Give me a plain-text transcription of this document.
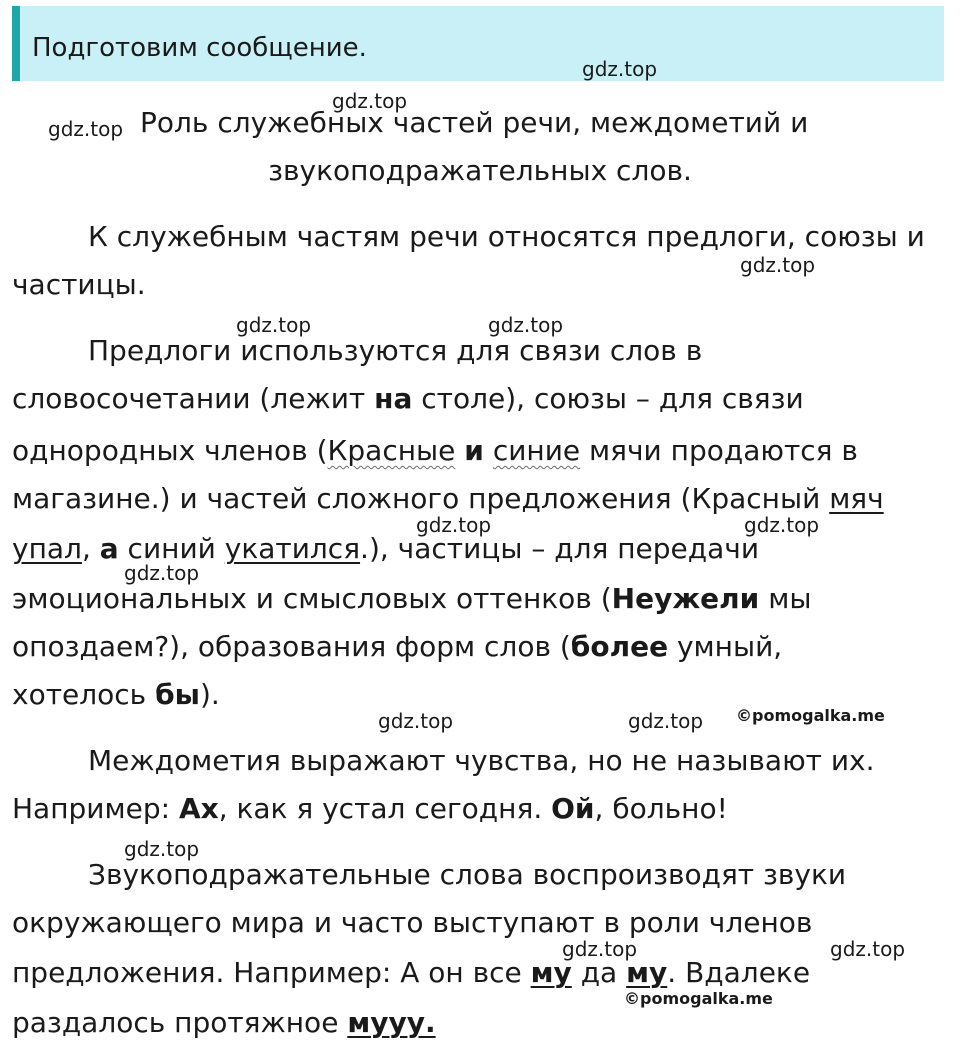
Подготовим сообщение.
Роль служебных частей речи, междометий и
звукоподражательных слов.
К служебным частям речи относятся предлоги, союзы и
частицы.
Предлоги используются для связи слов в
словосочетании (лежит на столе), союзы – для связи
однородных членов (Красные и синие мячи продаются в
магазине.) и частей сложного предложения (Красный мяч
упал, а синий укатился.), частицы – для передачи
эмоциональных и смысловых оттенков (Неужели мы
опоздаем?), образования форм слов (более умный,
хотелось бы).
Междометия выражают чувства, но не называют их.
Например: Ах, как я устал сегодня. Ой, больно!
Звукоподражательные слова воспроизводят звуки
окружающего мира и часто выступают в роли членов
предложения. Например: А он все му да му. Вдалеке
раздалось протяжное мууу.
gdz.top
gdz.top
gdz.top
gdz.top
gdz.top	gdz.top
gdz.top	gdz.top
gdz.top
gdz.top	gdz.top ©pomogalka.me
gdz.top
gdz.top	gdz.top
©pomogalka.me
